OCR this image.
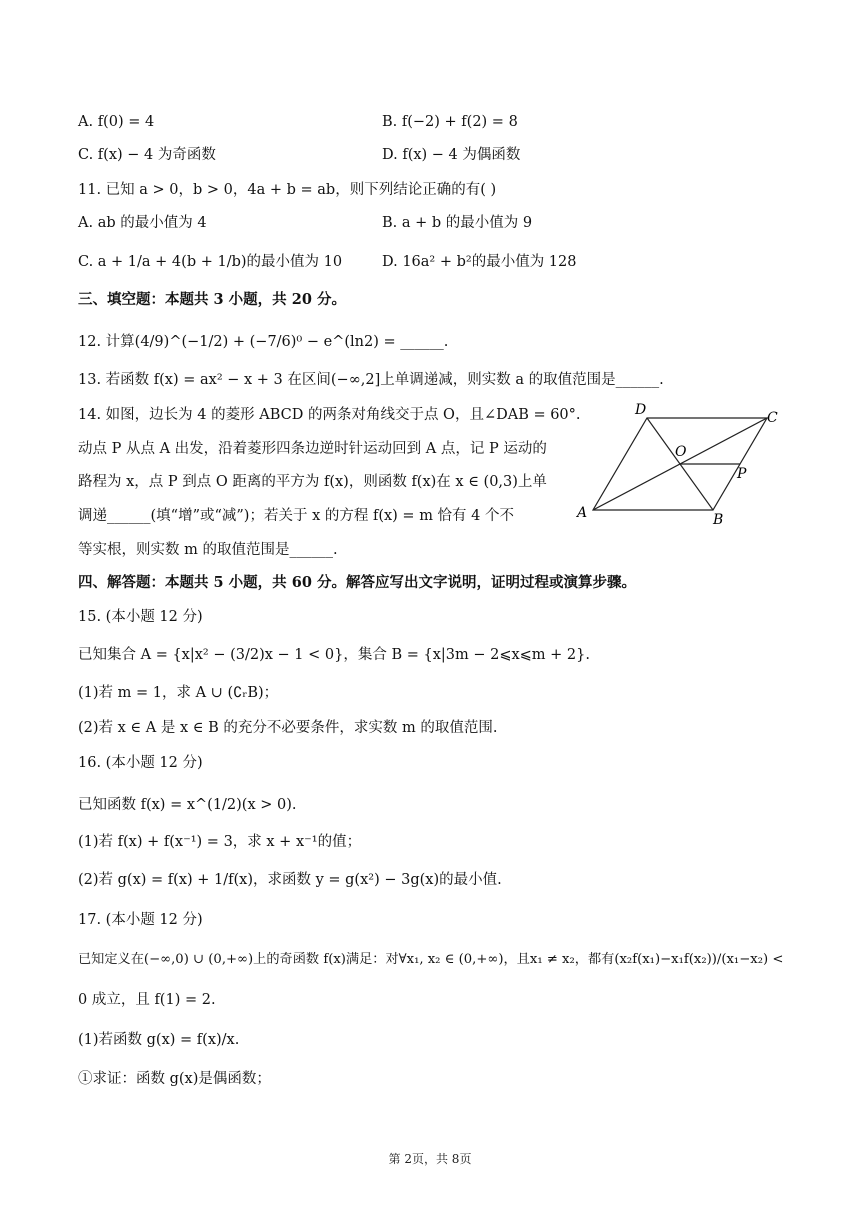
A. f(0) = 4	B. f(−2) + f(2) = 8
C. f(x) − 4 为奇函数	D. f(x) − 4 为偶函数
11. 已知 a > 0，b > 0，4a + b = ab，则下列结论正确的有( )
A. ab 的最小值为 4	B. a + b 的最小值为 9
C. a + 1/a + 4(b + 1/b)的最小值为 10	D. 16a² + b²的最小值为 128
三、填空题：本题共 3 小题，共 20 分。
12. 计算(4/9)^(−1/2) + (−7/6)⁰ − e^(ln2) = ______.
13. 若函数 f(x) = ax² − x + 3 在区间(−∞,2]上单调递减，则实数 a 的取值范围是______.
14. 如图，边长为 4 的菱形 ABCD 的两条对角线交于点 O，且∠DAB = 60°.
动点 P 从点 A 出发，沿着菱形四条边逆时针运动回到 A 点，记 P 运动的
路程为 x，点 P 到点 O 距离的平方为 f(x)，则函数 f(x)在 x ∈ (0,3)上单
调递______(填“增”或“减”)；若关于 x 的方程 f(x) = m 恰有 4 个不
等实根，则实数 m 的取值范围是______.
A	B
C
D
O
P
四、解答题：本题共 5 小题，共 60 分。解答应写出文字说明，证明过程或演算步骤。
15. (本小题 12 分)
已知集合 A = {x|x² − (3/2)x − 1 < 0}，集合 B = {x|3m − 2⩽x⩽m + 2}.
(1)若 m = 1，求 A ∪ (∁ᵣB)；
(2)若 x ∈ A 是 x ∈ B 的充分不必要条件，求实数 m 的取值范围.
16. (本小题 12 分)
已知函数 f(x) = x^(1/2)(x > 0).
(1)若 f(x) + f(x⁻¹) = 3，求 x + x⁻¹的值；
(2)若 g(x) = f(x) + 1/f(x)，求函数 y = g(x²) − 3g(x)的最小值.
17. (本小题 12 分)
已知定义在(−∞,0) ∪ (0,+∞)上的奇函数 f(x)满足：对∀x₁, x₂ ∈ (0,+∞)，且x₁ ≠ x₂，都有(x₂f(x₁)−x₁f(x₂))/(x₁−x₂) <
0 成立，且 f(1) = 2.
(1)若函数 g(x) = f(x)/x.
①求证：函数 g(x)是偶函数；
第 2页，共 8页
